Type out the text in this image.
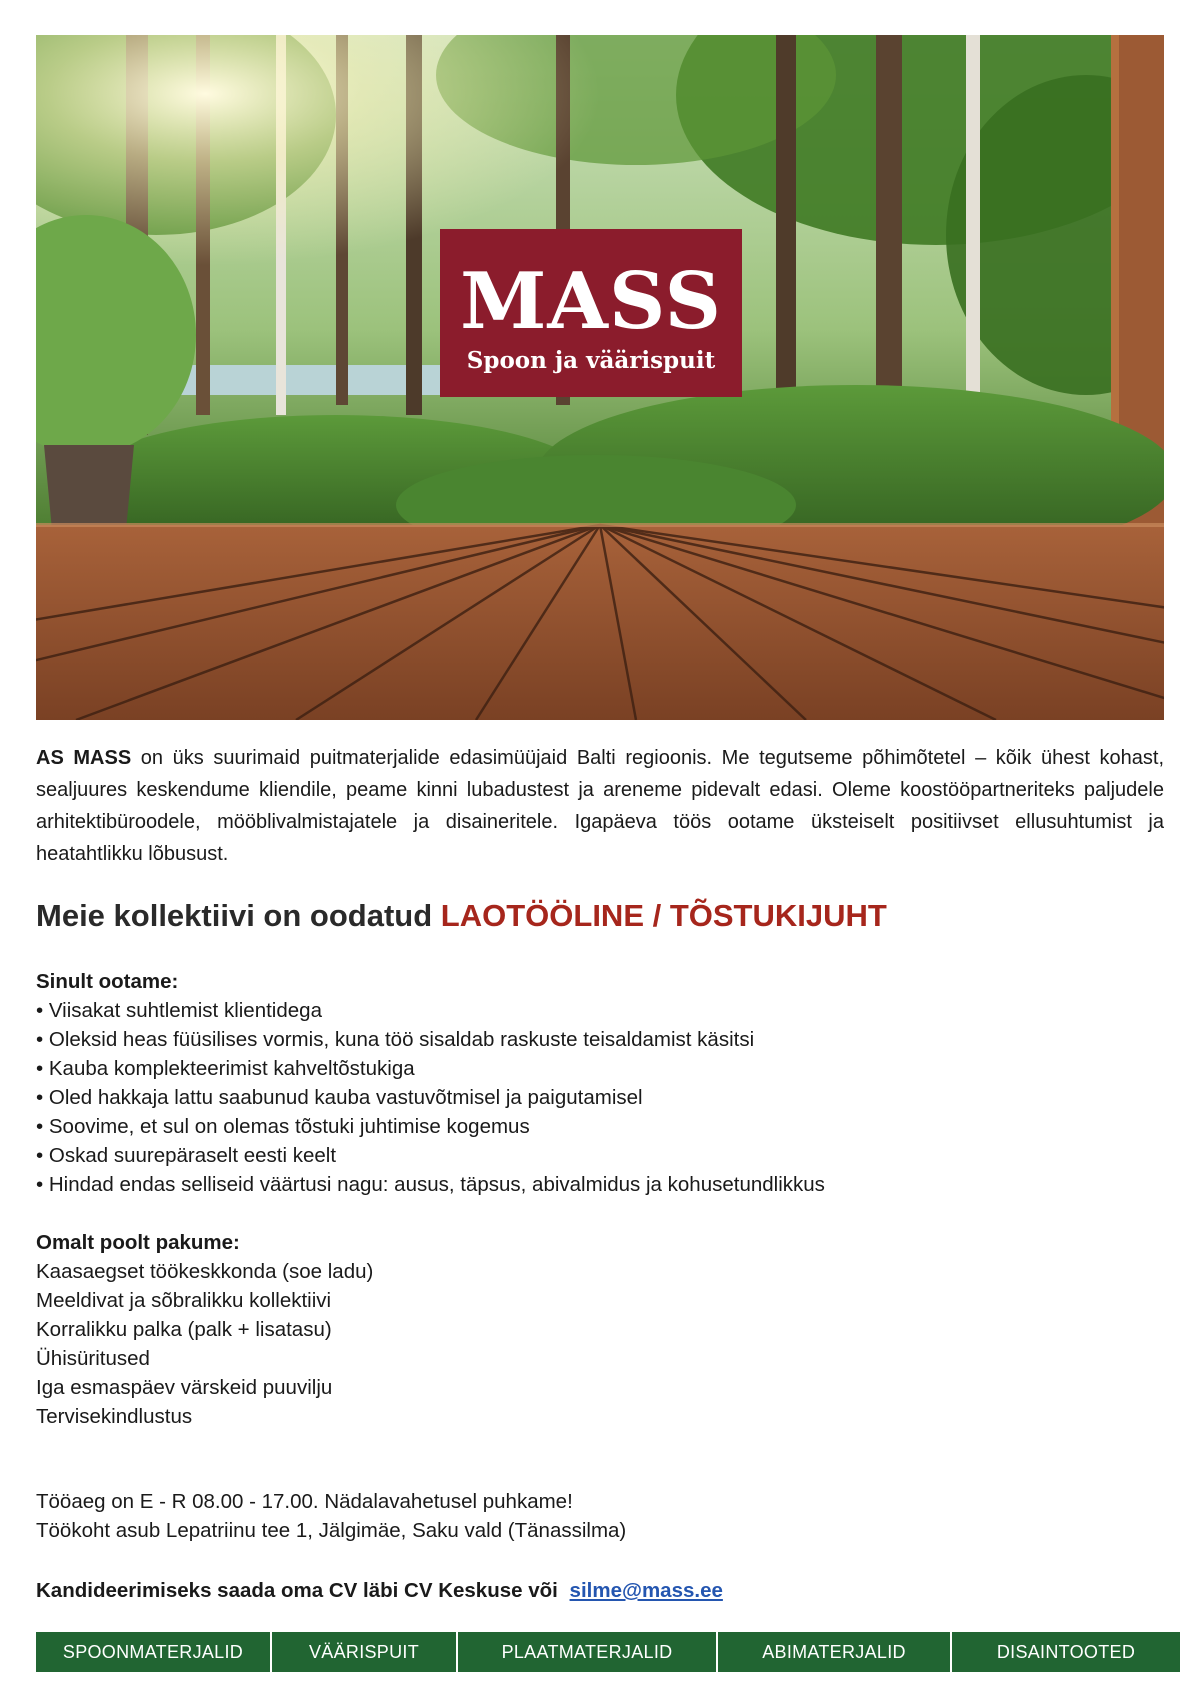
MASS
Spoon ja väärispuit

AS MASS on üks suurimaid puitmaterjalide edasimüüjaid Balti regioonis. Me tegutseme põhimõtetel – kõik ühest kohast, sealjuures keskendume kliendile, peame kinni lubadustest ja areneme pidevalt edasi. Oleme koostööpartneriteks paljudele arhitektibüroodele, mööblivalmistajatele ja disaineritele. Igapäeva töös ootame üksteiselt positiivset ellusuhtumist ja heatahtlikku lõbusust.

Meie kollektiivi on oodatud LAOTÖÖLINE / TÕSTUKIJUHT
Sinult ootame:
• Viisakat suhtlemist klientidega
• Oleksid heas füüsilises vormis, kuna töö sisaldab raskuste teisaldamist käsitsi
• Kauba komplekteerimist kahveltõstukiga
• Oled hakkaja lattu saabunud kauba vastuvõtmisel ja paigutamisel
• Soovime, et sul on olemas tõstuki juhtimise kogemus
• Oskad suurepäraselt eesti keelt
• Hindad endas selliseid väärtusi nagu: ausus, täpsus, abivalmidus ja kohusetundlikkus
Omalt poolt pakume:
Kaasaegset töökeskkonda (soe ladu)
Meeldivat ja sõbralikku kollektiivi
Korralikku palka (palk + lisatasu)
Ühisüritused
Iga esmaspäev värskeid puuvilju
Tervisekindlustus
Tööaeg on E - R 08.00 - 17.00. Nädalavahetusel puhkame!
Töökoht asub Lepatriinu tee 1, Jälgimäe, Saku vald (Tänassilma)
Kandideerimiseks saada oma CV läbi CV Keskuse või silme@mass.ee
SPOONMATERJALID	VÄÄRISPUIT	PLAATMATERJALID	ABIMATERJALID	DISAINTOOTED
